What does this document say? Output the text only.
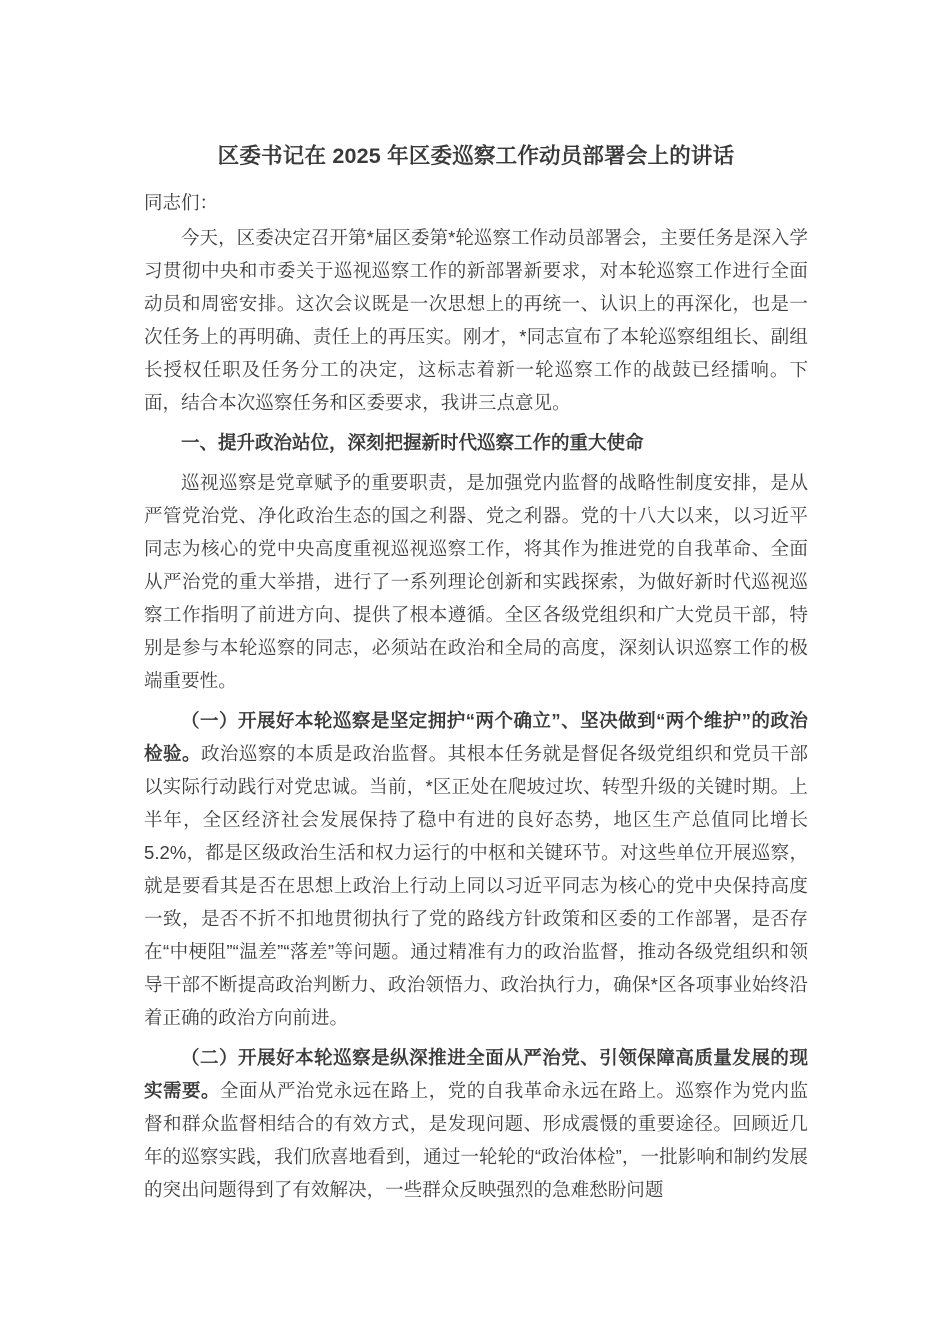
区委书记在 2025 年区委巡察工作动员部署会上的讲话

同志们：

今天，区委决定召开第*届区委第*轮巡察工作动员部署会，主要任务是深入学习贯彻中央和市委关于巡视巡察工作的新部署新要求，对本轮巡察工作进行全面动员和周密安排。这次会议既是一次思想上的再统一、认识上的再深化，也是一次任务上的再明确、责任上的再压实。刚才，*同志宣布了本轮巡察组组长、副组长授权任职及任务分工的决定，这标志着新一轮巡察工作的战鼓已经擂响。下面，结合本次巡察任务和区委要求，我讲三点意见。

一、提升政治站位，深刻把握新时代巡察工作的重大使命

巡视巡察是党章赋予的重要职责，是加强党内监督的战略性制度安排，是从严管党治党、净化政治生态的国之利器、党之利器。党的十八大以来，以习近平同志为核心的党中央高度重视巡视巡察工作，将其作为推进党的自我革命、全面从严治党的重大举措，进行了一系列理论创新和实践探索，为做好新时代巡视巡察工作指明了前进方向、提供了根本遵循。全区各级党组织和广大党员干部，特别是参与本轮巡察的同志，必须站在政治和全局的高度，深刻认识巡察工作的极端重要性。

（一）开展好本轮巡察是坚定拥护“两个确立”、坚决做到“两个维护”的政治检验。政治巡察的本质是政治监督。其根本任务就是督促各级党组织和党员干部以实际行动践行对党忠诚。当前，*区正处在爬坡过坎、转型升级的关键时期。上半年，全区经济社会发展保持了稳中有进的良好态势，地区生产总值同比增长 5.2%，都是区级政治生活和权力运行的中枢和关键环节。对这些单位开展巡察，就是要看其是否在思想上政治上行动上同以习近平同志为核心的党中央保持高度一致，是否不折不扣地贯彻执行了党的路线方针政策和区委的工作部署，是否存在“中梗阻”“温差”“落差”等问题。通过精准有力的政治监督，推动各级党组织和领导干部不断提高政治判断力、政治领悟力、政治执行力，确保*区各项事业始终沿着正确的政治方向前进。

（二）开展好本轮巡察是纵深推进全面从严治党、引领保障高质量发展的现实需要。全面从严治党永远在路上，党的自我革命永远在路上。巡察作为党内监督和群众监督相结合的有效方式，是发现问题、形成震慑的重要途径。回顾近几年的巡察实践，我们欣喜地看到，通过一轮轮的“政治体检”，一批影响和制约发展的突出问题得到了有效解决，一些群众反映强烈的急难愁盼问题
